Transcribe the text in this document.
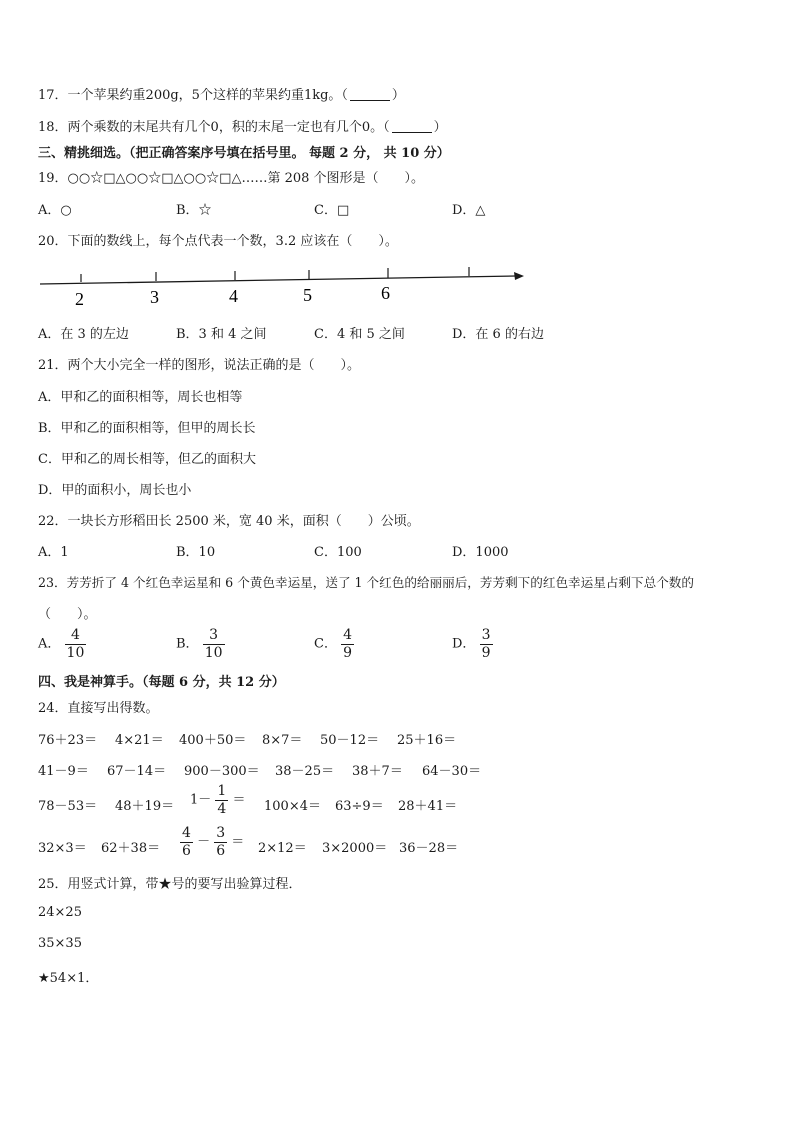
17．一个苹果约重200g，5个这样的苹果约重1kg。（	）
18．两个乘数的末尾共有几个0，积的末尾一定也有几个0。（	）
三、精挑细选。（把正确答案序号填在括号里。 每题 2 分， 共 10 分）
19．○○☆□△○○☆□△○○☆□△……第 208 个图形是（　　）。
A．○	B．☆	C．□	D．△
20．下面的数线上，每个点代表一个数，3.2 应该在（　　）。
2	3	4	5	6
A．在 3 的左边	B．3 和 4 之间	C．4 和 5 之间	D．在 6 的右边
21．两个大小完全一样的图形，说法正确的是（　　）。
A．甲和乙的面积相等，周长也相等
B．甲和乙的面积相等，但甲的周长长
C．甲和乙的周长相等，但乙的面积大
D．甲的面积小，周长也小
22．一块长方形稻田长 2500 米，宽 40 米，面积（　　）公顷。
A．1	B．10	C．100	D．1000
23．芳芳折了 4 个红色幸运星和 6 个黄色幸运星，送了 1 个红色的给丽丽后，芳芳剩下的红色幸运星占剩下总个数的
（　　）。
A． $\frac{4}{10}$	B． $\frac{3}{10}$	C． $\frac{4}{9}$	D． $\frac{3}{9}$
四、我是神算手。（每题 6 分，共 12 分）
24．直接写出得数。
76＋23＝ 4×21＝ 400＋50＝ 8×7＝ 50－12＝ 25＋16＝
41－9＝ 67－14＝ 900－300＝ 38－25＝ 38＋7＝ 64－30＝
$78-53= 48+19= 1- \frac{1}{4} = 100\times 4= 63\div 9= 28+41=$
$32\times 3= 62+38= \frac{4}{6} - \frac{3}{6} = 2\times 12= 3\times 2000= 36-28=$
25．用竖式计算，带★号的要写出验算过程．
24×25
35×35
★54×1．
